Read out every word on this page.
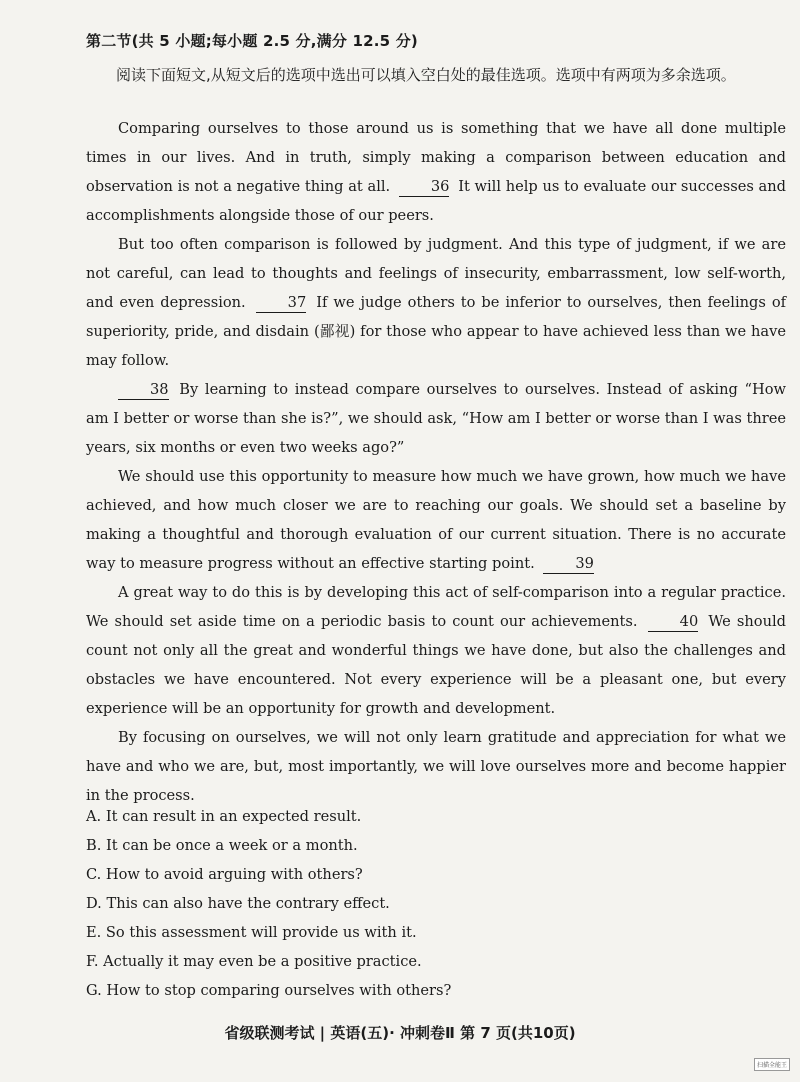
第二节(共 5 小题;每小题 2.5 分,满分 12.5 分)
阅读下面短文,从短文后的选项中选出可以填入空白处的最佳选项。选项中有两项为多余选项。

Comparing ourselves to those around us is something that we have all done multiple times in our lives. And in truth, simply making a comparison between education and observation is not a negative thing at all.	36 It will help us to evaluate our successes and accomplishments alongside those of our peers.

But too often comparison is followed by judgment. And this type of judgment, if we are not careful, can lead to thoughts and feelings of insecurity, embarrassment, low self-worth, and even depression.	37 If we judge others to be inferior to ourselves, then feelings of superiority, pride, and disdain (鄙视) for those who appear to have achieved less than we have may follow.

38 By learning to instead compare ourselves to ourselves. Instead of asking “How am I better or worse than she is?”, we should ask, “How am I better or worse than I was three years, six months or even two weeks ago?”

We should use this opportunity to measure how much we have grown, how much we have achieved, and how much closer we are to reaching our goals. We should set a baseline by making a thoughtful and thorough evaluation of our current situation. There is no accurate way to measure progress without an effective starting point.	39

A great way to do this is by developing this act of self-comparison into a regular practice. We should set aside time on a periodic basis to count our achievements.	40 We should count not only all the great and wonderful things we have done, but also the challenges and obstacles we have encountered. Not every experience will be a pleasant one, but every experience will be an opportunity for growth and development.

By focusing on ourselves, we will not only learn gratitude and appreciation for what we have and who we are, but, most importantly, we will love ourselves more and become happier in the process.

A. It can result in an expected result.
B. It can be once a week or a month.
C. How to avoid arguing with others?
D. This can also have the contrary effect.
E. So this assessment will provide us with it.
F. Actually it may even be a positive practice.
G. How to stop comparing ourselves with others?
省级联测考试 | 英语(五)· 冲刺卷Ⅱ 第 7 页(共10页)
扫描全能王
